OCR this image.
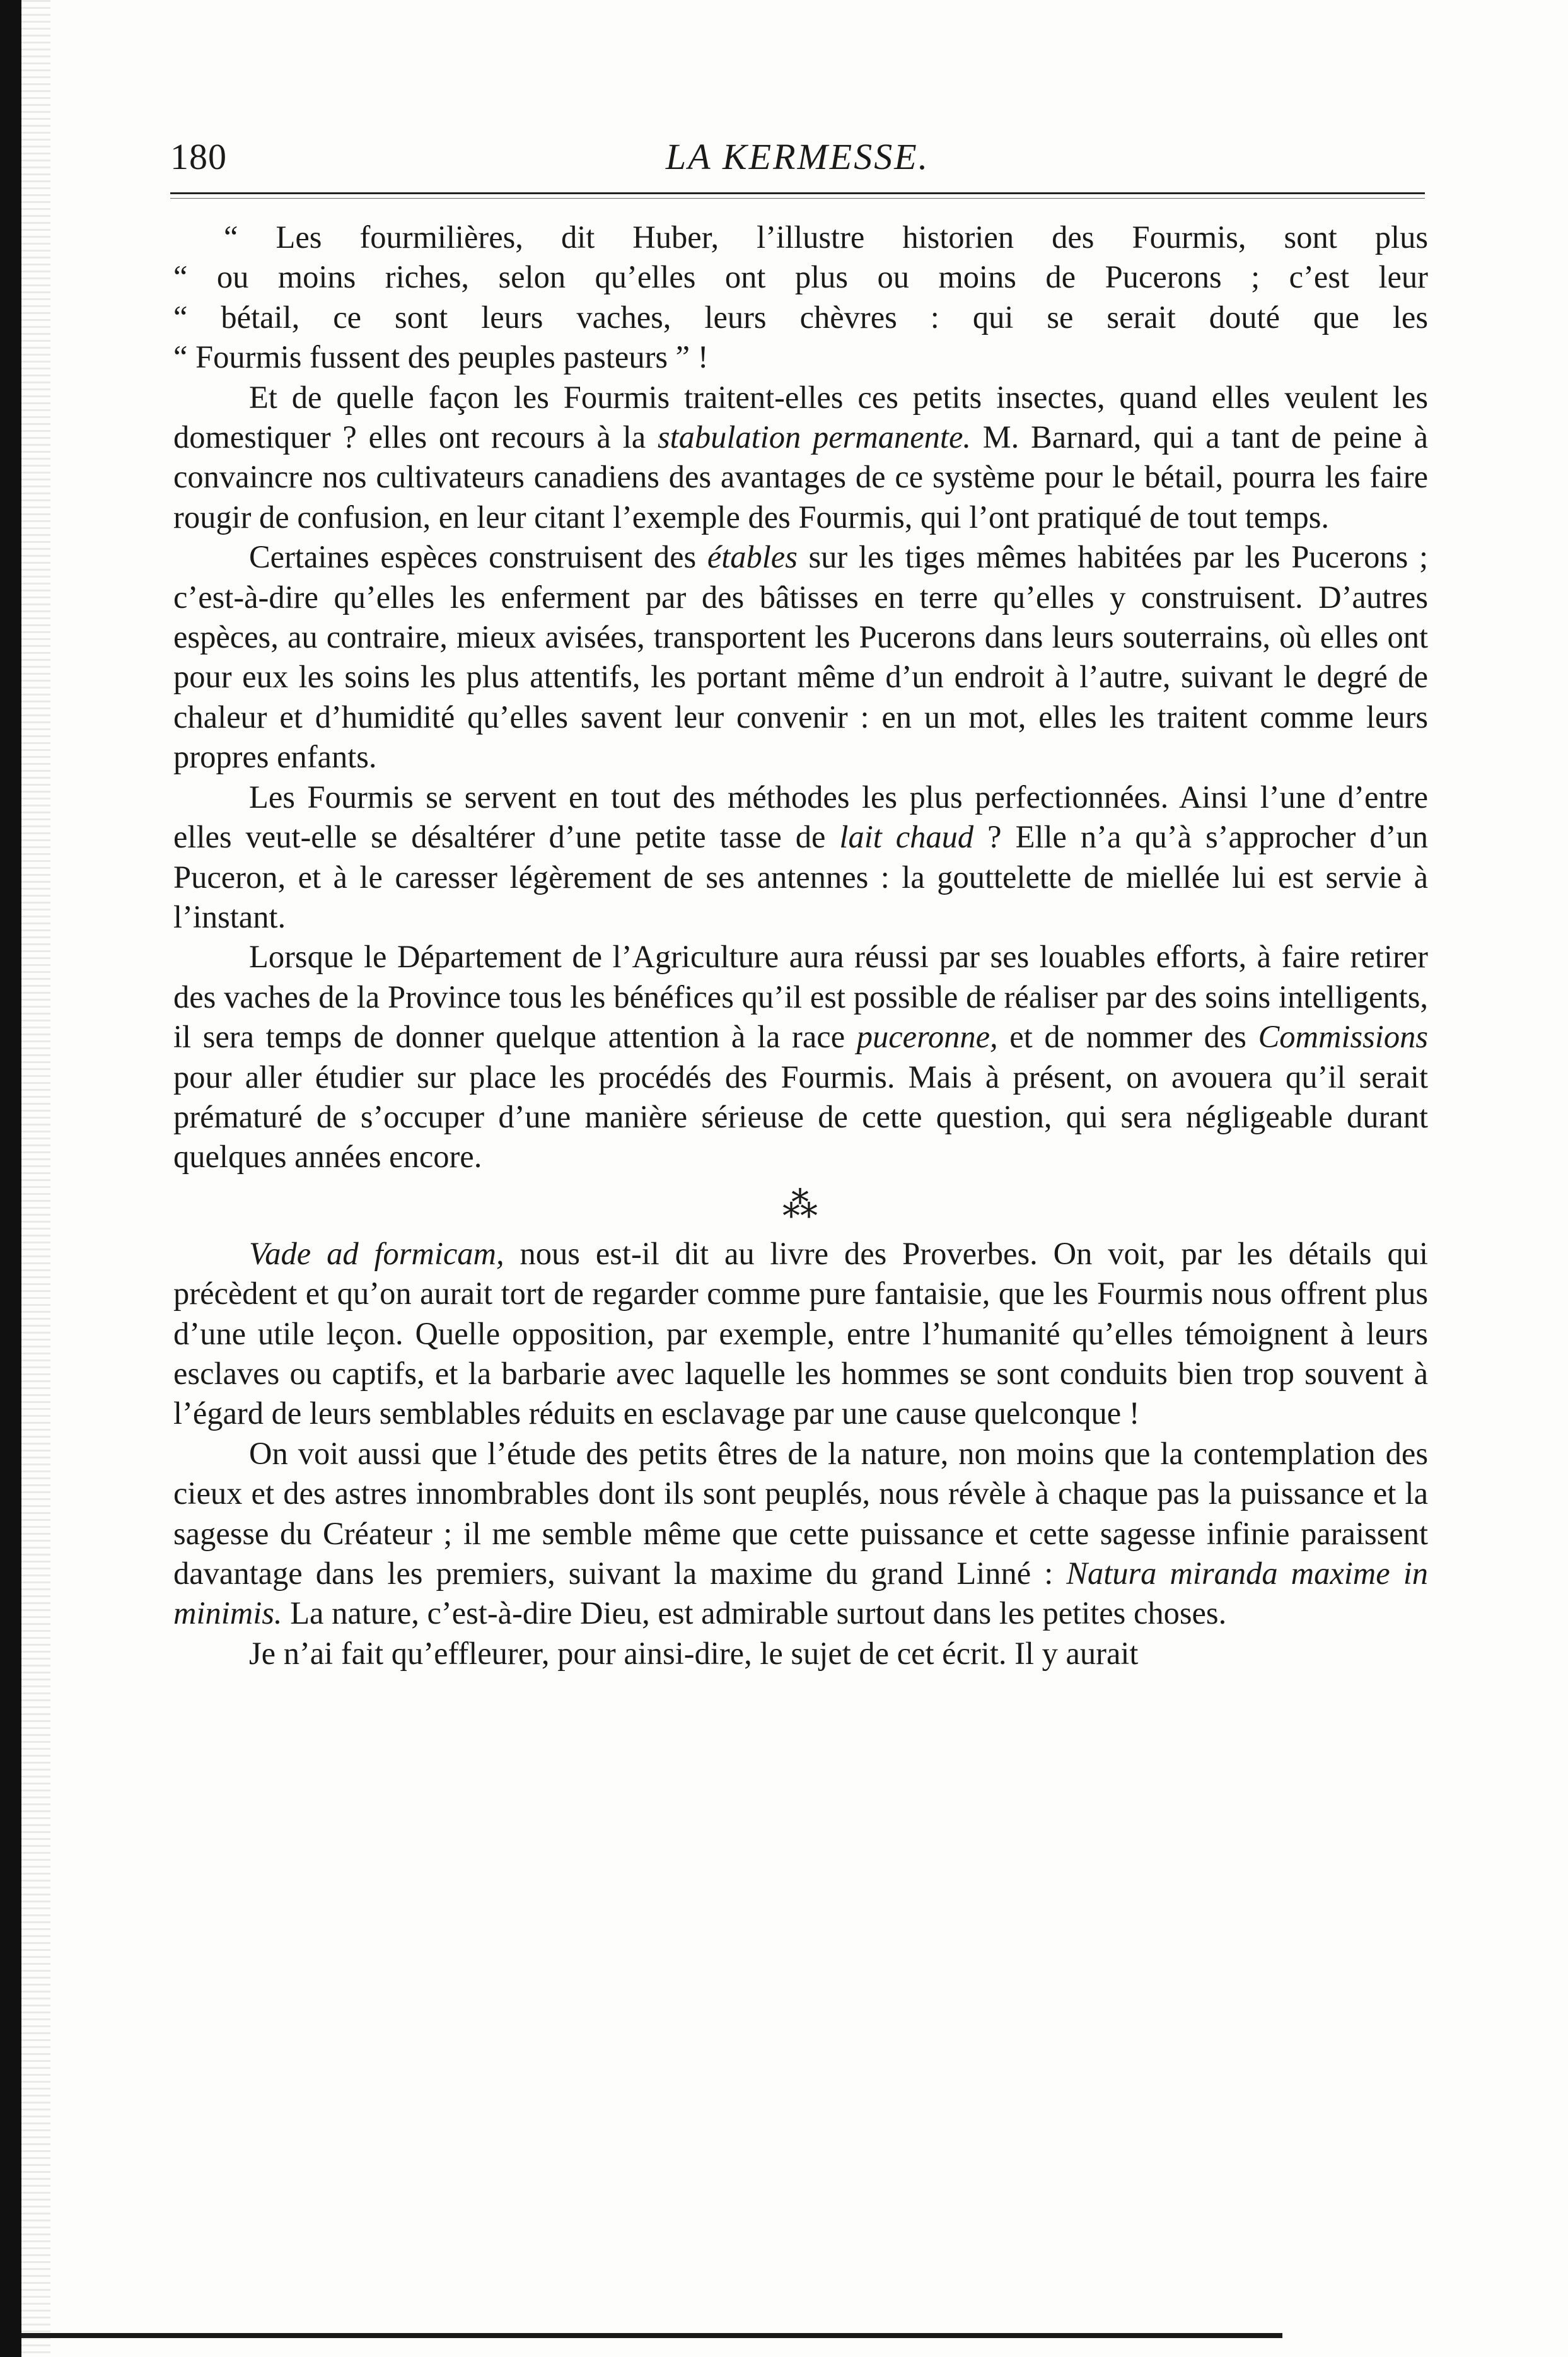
180	LA KERMESSE.

“ Les fourmilières, dit Huber, l’illustre historien des Fourmis, sont plus
“ ou moins riches, selon qu’elles ont plus ou moins de Pucerons ; c’est leur
“ bétail, ce sont leurs vaches, leurs chèvres : qui se serait douté que les
“ Fourmis fussent des peuples pasteurs ” !

Et de quelle façon les Fourmis traitent-elles ces petits insectes, quand elles veulent les domestiquer ? elles ont recours à la stabulation permanente. M. Barnard, qui a tant de peine à convaincre nos cultivateurs canadiens des avantages de ce système pour le bétail, pourra les faire rougir de confusion, en leur citant l’exemple des Fourmis, qui l’ont pratiqué de tout temps.

Certaines espèces construisent des étables sur les tiges mêmes habitées par les Pucerons ; c’est-à-dire qu’elles les enferment par des bâtisses en terre qu’elles y construisent. D’autres espèces, au contraire, mieux avisées, transportent les Pucerons dans leurs souterrains, où elles ont pour eux les soins les plus attentifs, les portant même d’un endroit à l’autre, suivant le degré de chaleur et d’humidité qu’elles savent leur convenir : en un mot, elles les traitent comme leurs propres enfants.

Les Fourmis se servent en tout des méthodes les plus perfectionnées. Ainsi l’une d’entre elles veut-elle se désaltérer d’une petite tasse de lait chaud ? Elle n’a qu’à s’approcher d’un Puceron, et à le caresser légèrement de ses antennes : la gouttelette de miellée lui est servie à l’instant.

Lorsque le Département de l’Agriculture aura réussi par ses louables efforts, à faire retirer des vaches de la Province tous les bénéfices qu’il est possible de réaliser par des soins intelligents, il sera temps de donner quelque attention à la race puceronne, et de nommer des Commissions pour aller étudier sur place les procédés des Fourmis. Mais à présent, on avouera qu’il serait prématuré de s’occuper d’une manière sérieuse de cette question, qui sera négligeable durant quelques années encore.

⁂

Vade ad formicam, nous est-il dit au livre des Proverbes. On voit, par les détails qui précèdent et qu’on aurait tort de regarder comme pure fantaisie, que les Fourmis nous offrent plus d’une utile leçon. Quelle opposition, par exemple, entre l’humanité qu’elles témoignent à leurs esclaves ou captifs, et la barbarie avec laquelle les hommes se sont conduits bien trop souvent à l’égard de leurs semblables réduits en esclavage par une cause quelconque !

On voit aussi que l’étude des petits êtres de la nature, non moins que la contemplation des cieux et des astres innombrables dont ils sont peuplés, nous révèle à chaque pas la puissance et la sagesse du Créateur ; il me semble même que cette puissance et cette sagesse infinie paraissent davantage dans les premiers, suivant la maxime du grand Linné : Natura miranda maxime in minimis. La nature, c’est-à-dire Dieu, est admirable surtout dans les petites choses.

Je n’ai fait qu’effleurer, pour ainsi-dire, le sujet de cet écrit. Il y aurait
